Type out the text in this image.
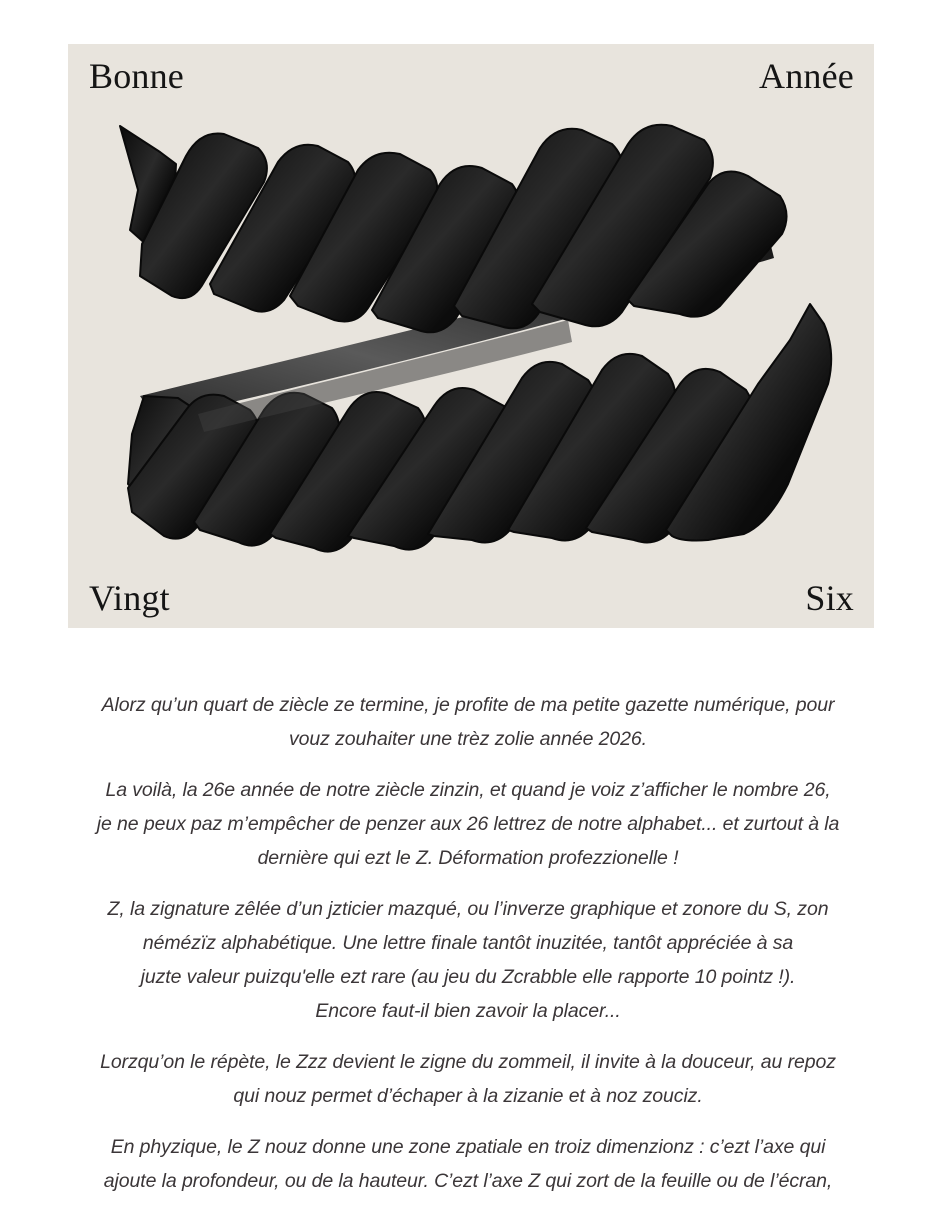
Bonne	Année
Vingt	Six

Alorz qu’un quart de ziècle ze termine, je profite de ma petite gazette numérique, pour
vouz zouhaiter une trèz zolie année 2026.

La voilà, la 26e année de notre ziècle zinzin, et quand je voiz z’afficher le nombre 26,
je ne peux paz m’empêcher de penzer aux 26 lettrez de notre alphabet... et zurtout à la
dernière qui ezt le Z. Déformation profezzionelle !

Z, la zignature zêlée d’un jzticier mazqué, ou l’inverze graphique et zonore du S, zon
némézïz alphabétique. Une lettre finale tantôt inuzitée, tantôt appréciée à sa
juzte valeur puizqu'elle ezt rare (au jeu du Zcrabble elle rapporte 10 pointz !).
Encore faut-il bien zavoir la placer...

Lorzqu’on le répète, le Zzz devient le zigne du zommeil, il invite à la douceur, au repoz
qui nouz permet d’échaper à la zizanie et à noz zouciz.

En phyzique, le Z nouz donne une zone zpatiale en troiz dimenzionz : c’ezt l’axe qui
ajoute la profondeur, ou de la hauteur. C’ezt l’axe Z qui zort de la feuille ou de l’écran,
